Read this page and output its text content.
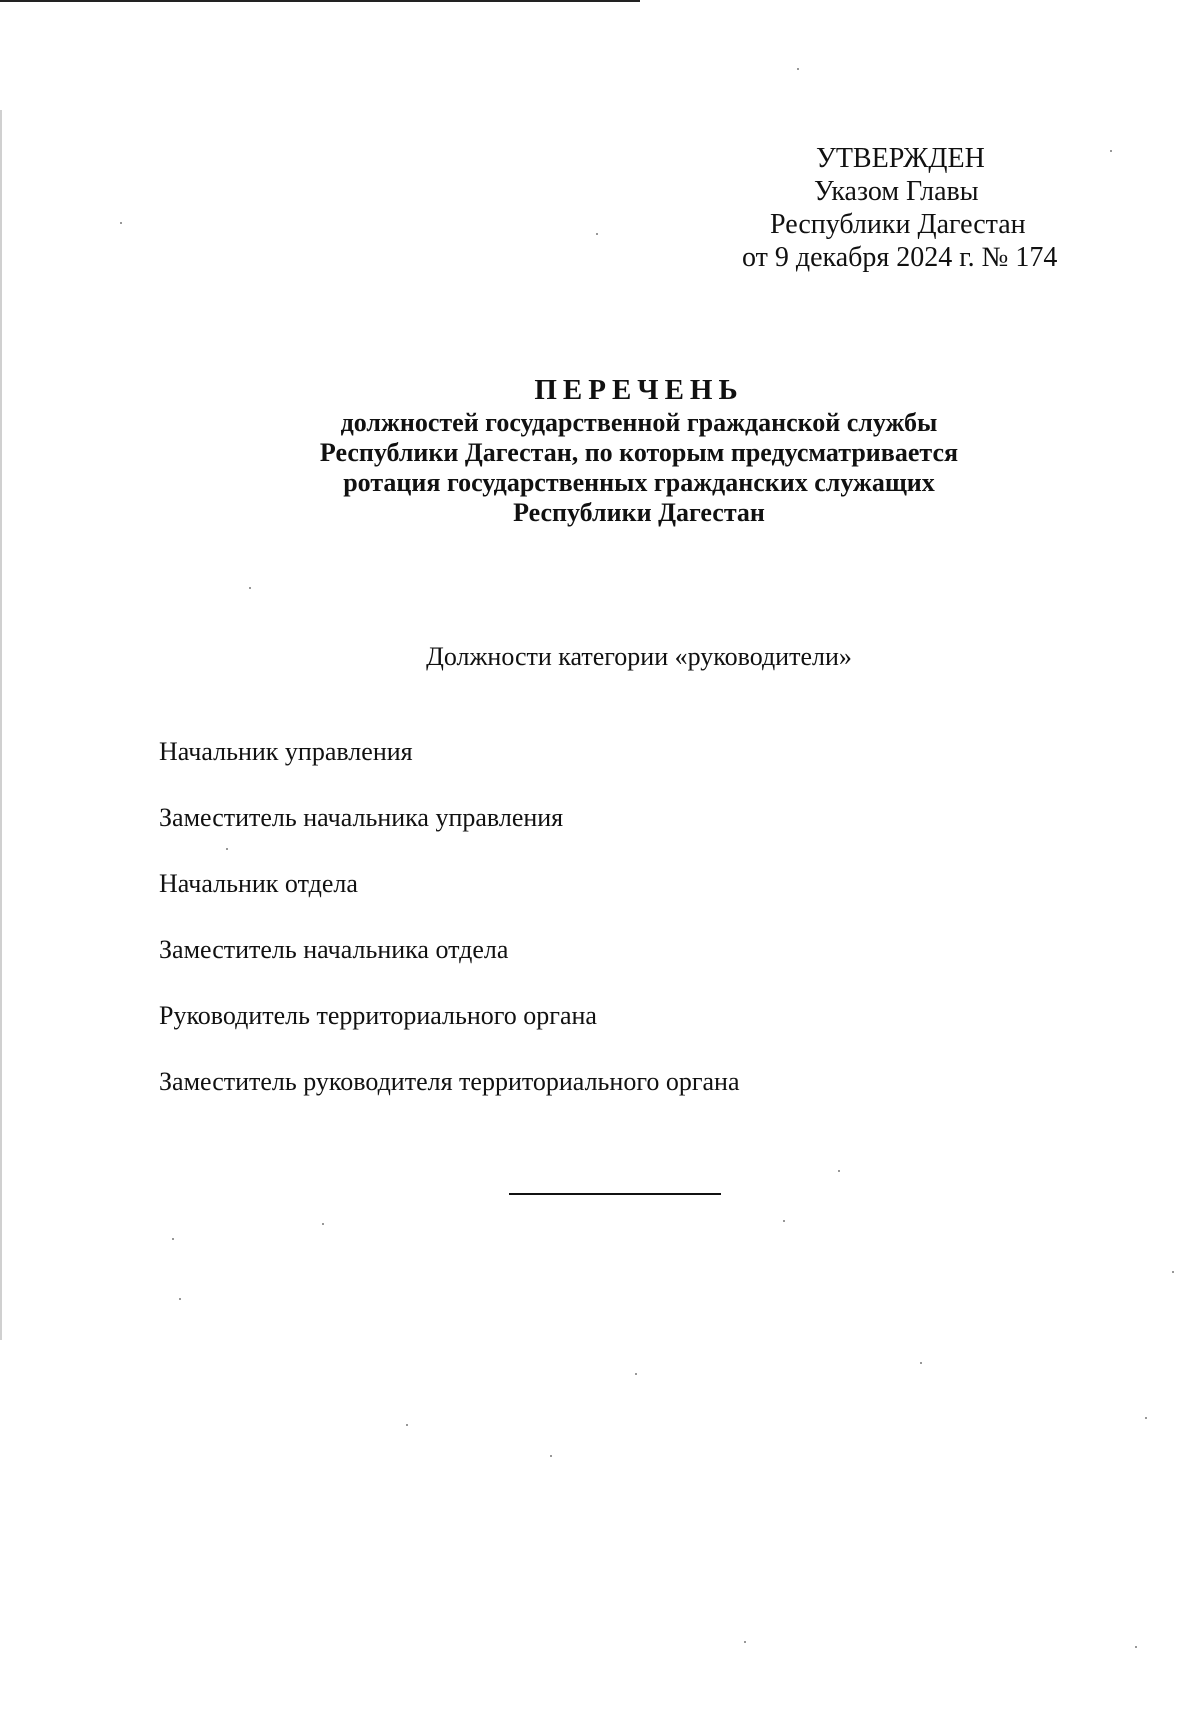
УТВЕРЖДЕН
Указом Главы
Республики Дагестан
от 9 декабря 2024 г. № 174
ПЕРЕЧЕНЬ
должностей государственной гражданской службы
Республики Дагестан, по которым предусматривается
ротация государственных гражданских служащих
Республики Дагестан
Должности категории «руководители»
Начальник управления
Заместитель начальника управления
Начальник отдела
Заместитель начальника отдела
Руководитель территориального органа
Заместитель руководителя территориального органа
